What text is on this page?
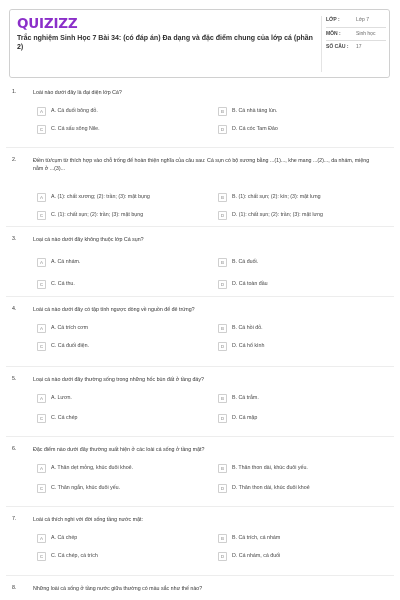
QUIZIZZ
Trắc nghiệm Sinh Học 7 Bài 34: (có đáp án) Đa dạng và đặc điểm chung của lớp cá (phần 2)
LỚP :	Lớp 7
MÔN :	Sinh học
SỐ CÂU :	17
1.	Loài nào dưới đây là đại diện lớp Cá?
A	A. Cá đuối bông đỏ.	B	B. Cá nhà táng lùn.
C	C. Cá sấu sông Nile.	D	D. Cá cóc Tam Đảo
2.	Điền từ/cụm từ thích hợp vào chỗ trống để hoàn thiện nghĩa của câu sau: Cá sụn có bộ xương bằng ...(1)..., khe mang ...(2)..., da nhám, miệng nằm ở ...(3)...
A	A. (1): chất xương; (2): trần; (3): mặt bụng	B	B. (1): chất sụn; (2): kín; (3): mặt lưng
C	C. (1): chất sụn; (2): trần; (3): mặt bụng	D	D. (1): chất sụn; (2): trần; (3): mặt lưng
3.	Loại cá nào dưới đây không thuộc lớp Cá sụn?
A	A. Cá nhám.	B	B. Cá đuối.
C	C. Cá thu.	D	D. Cá toàn đầu
4.	Loài cá nào dưới đây có tập tính ngược dòng về nguồn để đẻ trứng?
A	A. Cá trích cơm	B	B. Cá hồi đỏ.
C	C. Cá đuối điện.	D	D. Cá hổ kình
5.	Loại cá nào dưới đây thường sống trong những hốc bùn đất ở tầng đáy?
A	A. Lươn.	B	B. Cá trắm.
C	C. Cá chép	D	D. Cá mập
6.	Đặc điểm nào dưới đây thường xuất hiện ở các loài cá sống ở tầng mặt?
A	A. Thân dẹt mỏng, khúc đuôi khoẻ.	B	B. Thân thon dài, khúc đuôi yếu.
C	C. Thân ngắn, khúc đuôi yếu.	D	D. Thân thon dài, khúc đuôi khoẻ
7.	Loài cá thích nghi với đời sống tầng nước mặt:
A	A. Cá chép	B	B. Cá trích, cá nhám
C	C. Cá chép, cá trích	D	D. Cá nhám, cá đuối
8.	Những loài cá sống ở tầng nước giữa thường có màu sắc như thế nào?
